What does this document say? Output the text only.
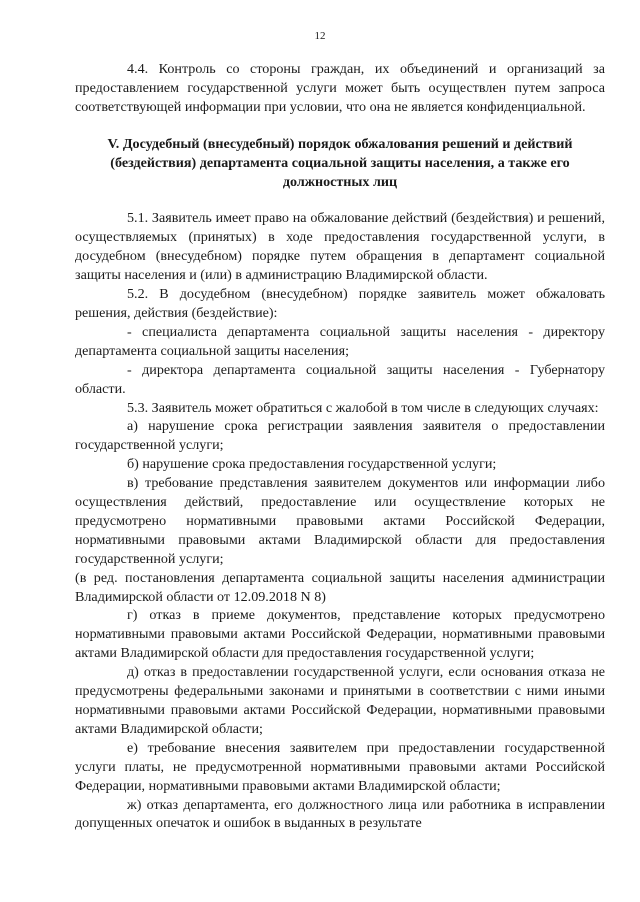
12

4.4. Контроль со стороны граждан, их объединений и организаций за предоставлением государственной услуги может быть осуществлен путем запроса соответствующей информации при условии, что она не является конфиденциальной.

V. Досудебный (внесудебный) порядок обжалования решений и действий (бездействия) департамента социальной защиты населения, а также его должностных лиц

5.1. Заявитель имеет право на обжалование действий (бездействия) и решений, осуществляемых (принятых) в ходе предоставления государственной услуги, в досудебном (внесудебном) порядке путем обращения в департамент социальной защиты населения и (или) в администрацию Владимирской области.

5.2. В досудебном (внесудебном) порядке заявитель может обжаловать решения, действия (бездействие):

- специалиста департамента социальной защиты населения - директору департамента социальной защиты населения;

- директора департамента социальной защиты населения - Губернатору области.

5.3. Заявитель может обратиться с жалобой в том числе в следующих случаях:

а) нарушение срока регистрации заявления заявителя о предоставлении государственной услуги;

б) нарушение срока предоставления государственной услуги;

в) требование представления заявителем документов или информации либо осуществления действий, предоставление или осуществление которых не предусмотрено нормативными правовыми актами Российской Федерации, нормативными правовыми актами Владимирской области для предоставления государственной услуги;

(в ред. постановления департамента социальной защиты населения администрации Владимирской области от 12.09.2018 N 8)

г) отказ в приеме документов, представление которых предусмотрено нормативными правовыми актами Российской Федерации, нормативными правовыми актами Владимирской области для предоставления государственной услуги;

д) отказ в предоставлении государственной услуги, если основания отказа не предусмотрены федеральными законами и принятыми в соответствии с ними иными нормативными правовыми актами Российской Федерации, нормативными правовыми актами Владимирской области;

е) требование внесения заявителем при предоставлении государственной услуги платы, не предусмотренной нормативными правовыми актами Российской Федерации, нормативными правовыми актами Владимирской области;

ж) отказ департамента, его должностного лица или работника в исправлении допущенных опечаток и ошибок в выданных в результате
